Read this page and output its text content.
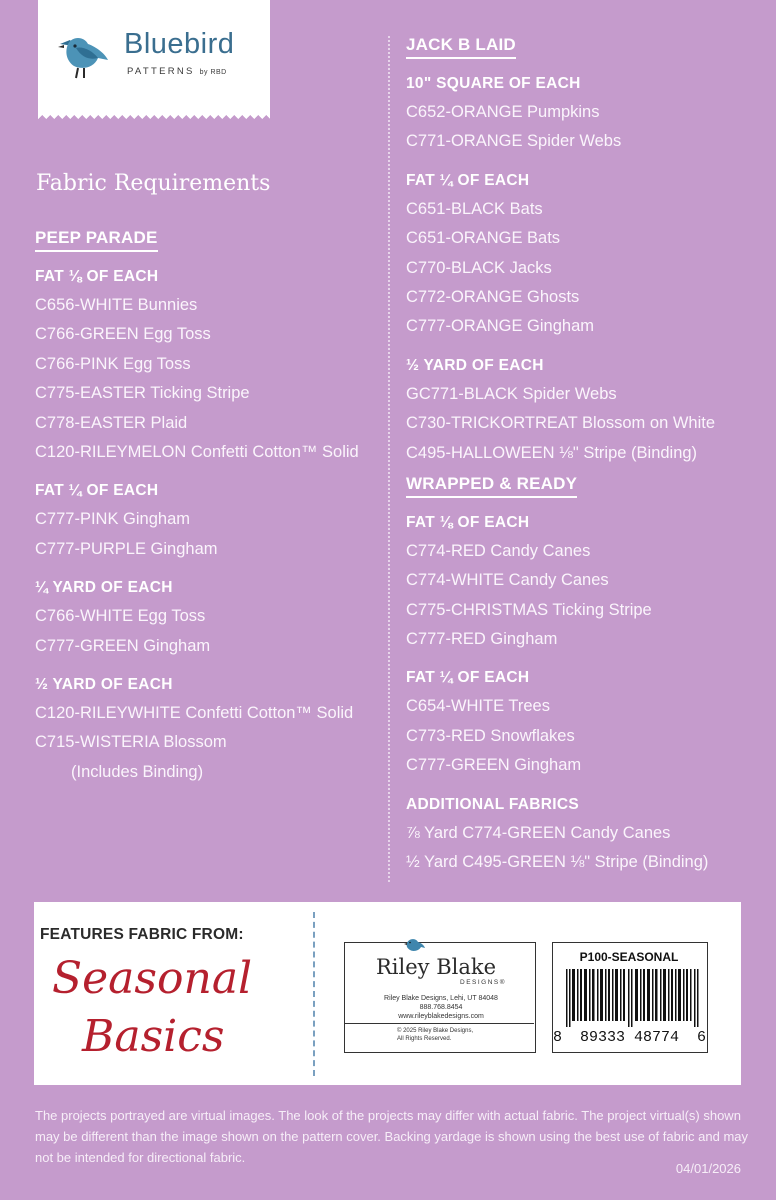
Bluebird
PATTERNS by RBD
Fabric Requirements
PEEP PARADE
FAT ⅛ OF EACH
C656-WHITE Bunnies
C766-GREEN Egg Toss
C766-PINK Egg Toss
C775-EASTER Ticking Stripe
C778-EASTER Plaid
C120-RILEYMELON Confetti Cotton™ Solid
FAT ¼ OF EACH
C777-PINK Gingham
C777-PURPLE Gingham
¼ YARD OF EACH
C766-WHITE Egg Toss
C777-GREEN Gingham
½ YARD OF EACH
C120-RILEYWHITE Confetti Cotton™ Solid
C715-WISTERIA Blossom
(Includes Binding)
JACK B LAID
10" SQUARE OF EACH
C652-ORANGE Pumpkins
C771-ORANGE Spider Webs
FAT ¼ OF EACH
C651-BLACK Bats
C651-ORANGE Bats
C770-BLACK Jacks
C772-ORANGE Ghosts
C777-ORANGE Gingham
½ YARD OF EACH
GC771-BLACK Spider Webs
C730-TRICKORTREAT Blossom on White
C495-HALLOWEEN ⅛" Stripe (Binding)
WRAPPED & READY
FAT ⅛ OF EACH
C774-RED Candy Canes
C774-WHITE Candy Canes
C775-CHRISTMAS Ticking Stripe
C777-RED Gingham
FAT ¼ OF EACH
C654-WHITE Trees
C773-RED Snowflakes
C777-GREEN Gingham
ADDITIONAL FABRICS
⅞ Yard C774-GREEN Candy Canes
½ Yard C495-GREEN ⅛" Stripe (Binding)
FEATURES FABRIC FROM:
Seasonal
Basics
Riley Blake
DESIGNS®
Riley Blake Designs, Lehi, UT 84048
888.768.8454
www.rileyblakedesigns.com
© 2025 Riley Blake Designs,
All Rights Reserved.
P100-SEASONAL
8  89333 48774  6
The projects portrayed are virtual images. The look of the projects may differ with actual fabric. The project virtual(s) shown may be different than the image shown on the pattern cover. Backing yardage is shown using the best use of fabric and may not be intended for directional fabric.
04/01/2026
